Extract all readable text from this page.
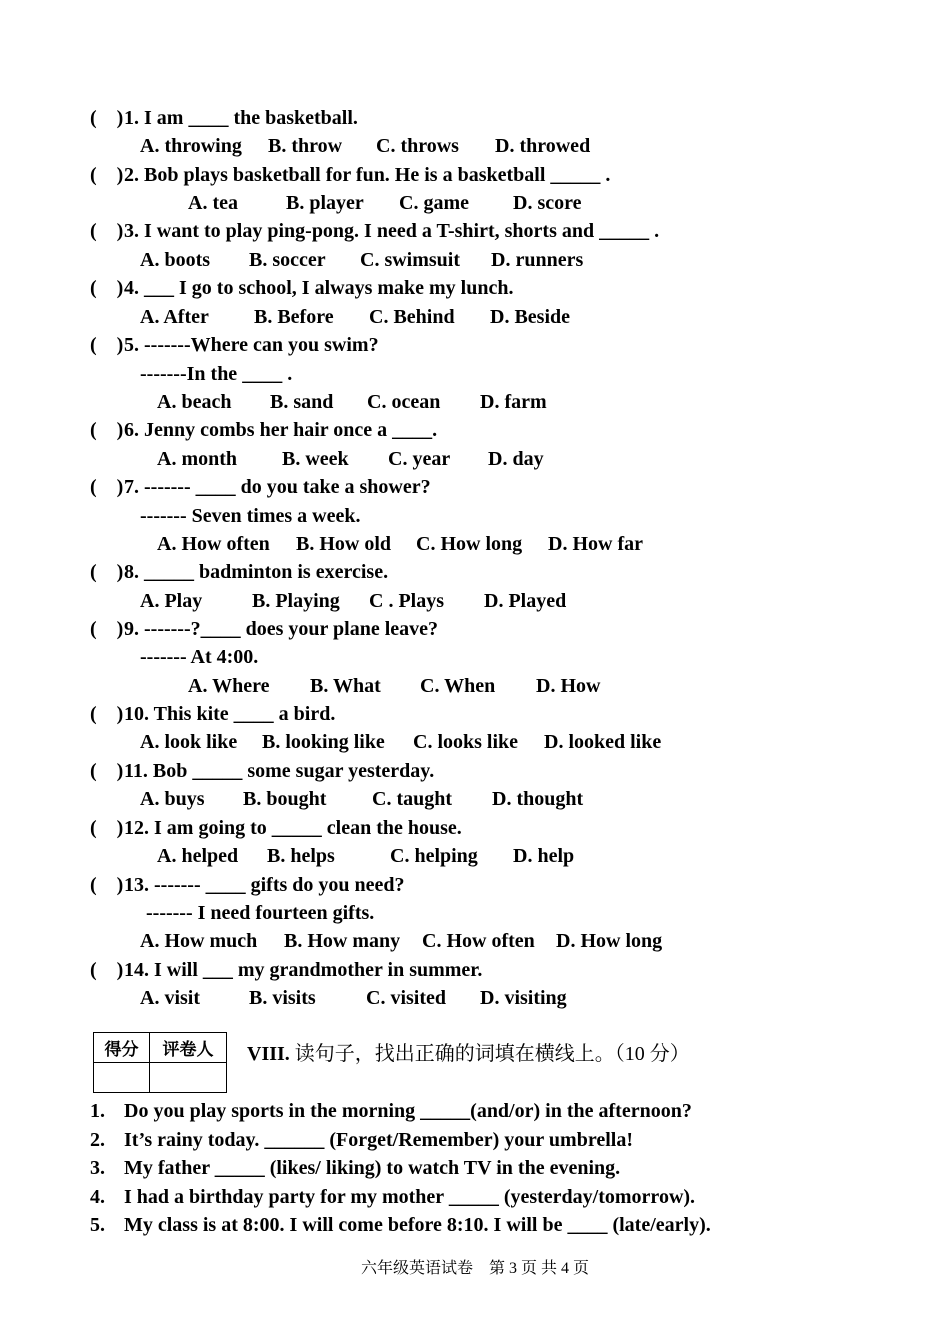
(    ) 1. I am ____ the basketball.
A. throwing B. throw C. throws D. throwed
(    ) 2. Bob plays basketball for fun. He is a basketball _____ .
A. tea B. player C. game D. score
(    ) 3. I want to play ping-pong. I need a T-shirt, shorts and _____ .
A. boots B. soccer C. swimsuit D. runners
(    ) 4. ___ I go to school, I always make my lunch.
A. After B. Before C. Behind D. Beside
(    ) 5. -------Where can you swim?
-------In the ____ .
A. beach B. sand C. ocean D. farm
(    ) 6. Jenny combs her hair once a ____.
A. month B. week C. year D. day
(    ) 7. ------- ____ do you take a shower?
------- Seven times a week.
A. How often B. How old C. How long D. How far
(    ) 8. _____ badminton is exercise.
A. Play B. Playing C . Plays D. Played
(    ) 9. -------?____ does your plane leave?
------- At 4:00.
A. Where B. What C. When D. How
(    ) 10. This kite ____ a bird.
A. look like B. looking like C. looks like D. looked like
(    ) 11. Bob _____ some sugar yesterday.
A. buys B. bought C. taught D. thought
(    ) 12. I am going to _____ clean the house.
A. helped B. helps	C. helping D. help
(    ) 13. ------- ____ gifts do you need?
------- I need fourteen gifts.
A. How much B. How many C. How often D. How long
(    ) 14. I will ___ my grandmother in summer.
A. visit B. visits	C. visited D. visiting
得分	评卷人
	VIII. 读句子，找出正确的词填在横线上。（10 分）
1. Do you play sports in the morning _____(and/or) in the afternoon?
2. It’s rainy today. ______ (Forget/Remember) your umbrella!
3. My father _____ (likes/ liking) to watch TV in the evening.
4. I had a birthday party for my mother _____ (yesterday/tomorrow).
5. My class is at 8:00. I will come before 8:10. I will be ____ (late/early).
六年级英语试卷　第 3 页 共 4 页
